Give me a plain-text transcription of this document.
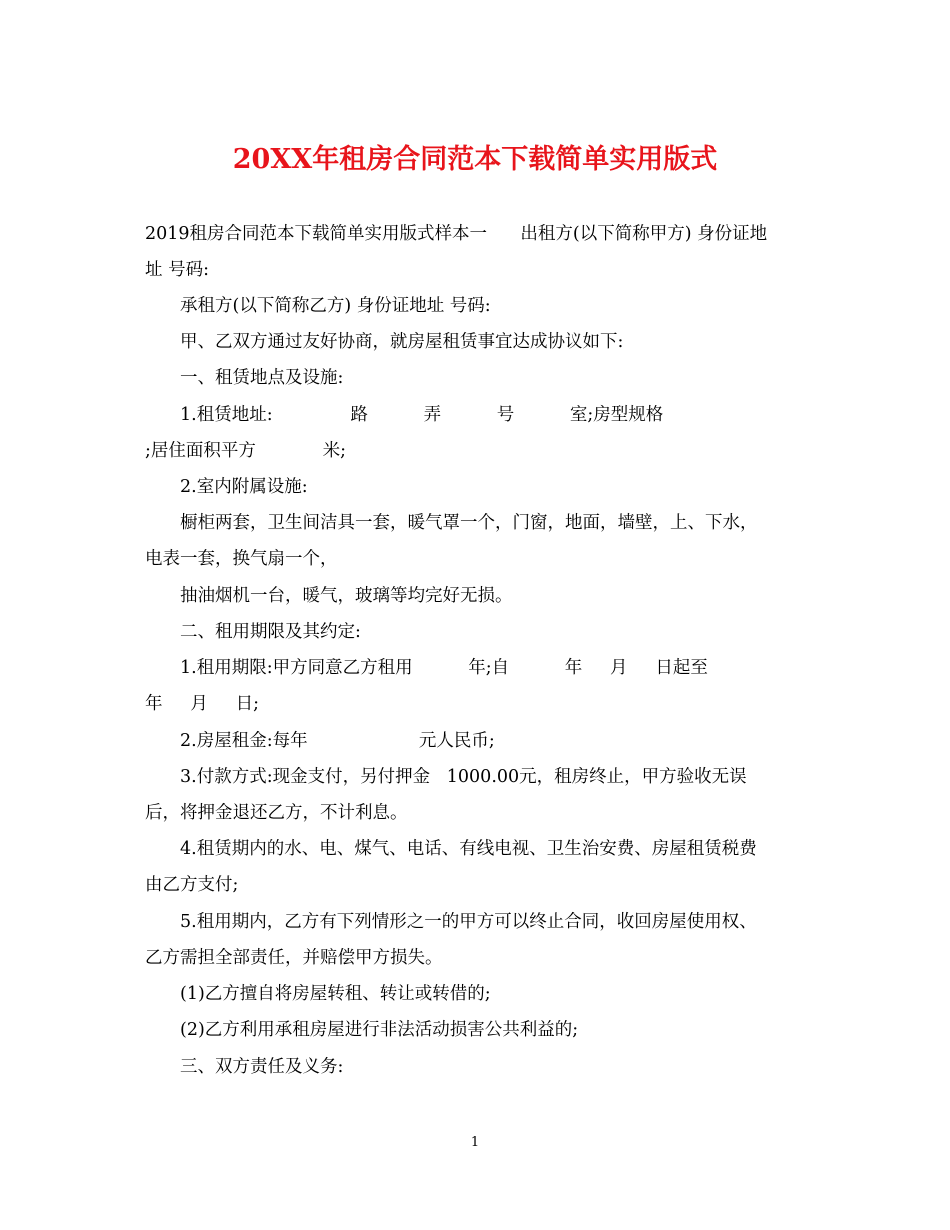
20XX年租房合同范本下载简单实用版式
2019租房合同范本下载简单实用版式样本一      出租方(以下简称甲方) 身份证地
址 号码:
承租方(以下简称乙方) 身份证地址 号码:
甲、乙双方通过友好协商，就房屋租赁事宜达成协议如下:
一、租赁地点及设施:
1.租赁地址:              路          弄          号          室;房型规格
;居住面积平方            米;
2.室内附属设施:
橱柜两套，卫生间洁具一套，暖气罩一个，门窗，地面，墙壁，上、下水，
电表一套，换气扇一个，
抽油烟机一台，暖气，玻璃等均完好无损。
二、租用期限及其约定:
1.租用期限:甲方同意乙方租用          年;自          年     月     日起至
年     月     日;
2.房屋租金:每年                    元人民币;
3.付款方式:现金支付，另付押金   1000.00元，租房终止，甲方验收无误
后，将押金退还乙方，不计利息。
4.租赁期内的水、电、煤气、电话、有线电视、卫生治安费、房屋租赁税费
由乙方支付;
5.租用期内，乙方有下列情形之一的甲方可以终止合同，收回房屋使用权、
乙方需担全部责任，并赔偿甲方损失。
(1)乙方擅自将房屋转租、转让或转借的;
(2)乙方利用承租房屋进行非法活动损害公共利益的;
三、双方责任及义务:
1
